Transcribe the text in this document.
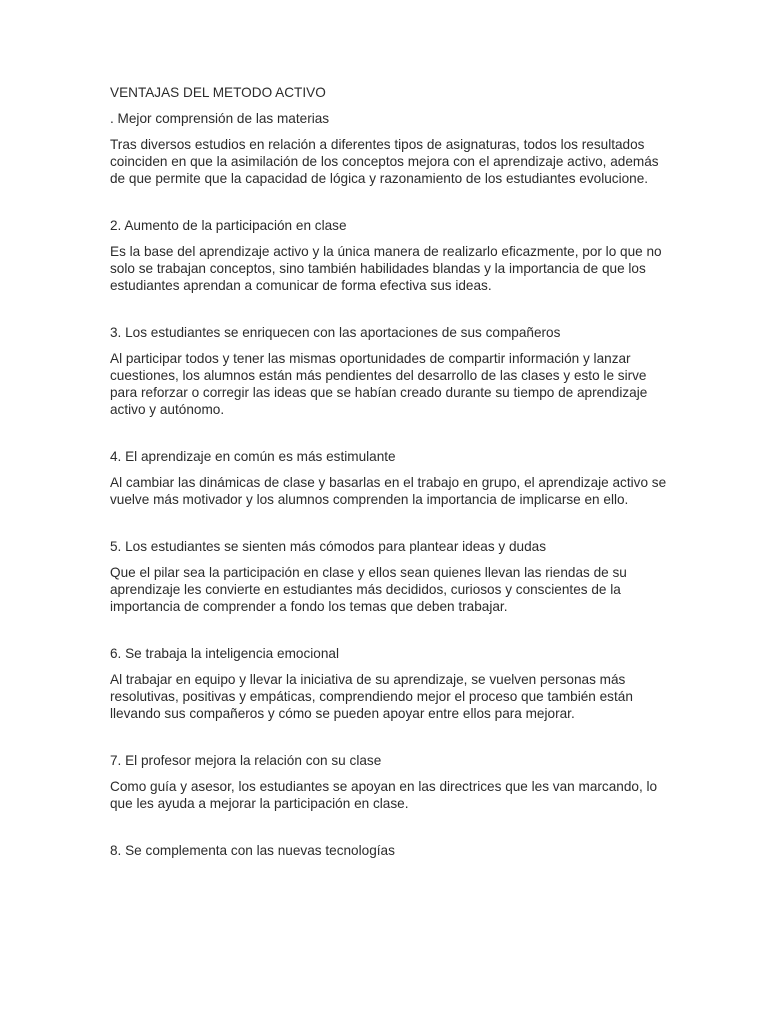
VENTAJAS DEL METODO ACTIVO

. Mejor comprensión de las materias

Tras diversos estudios en relación a diferentes tipos de asignaturas, todos los resultados coinciden en que la asimilación de los conceptos mejora con el aprendizaje activo, además de que permite que la capacidad de lógica y razonamiento de los estudiantes evolucione.

2. Aumento de la participación en clase

Es la base del aprendizaje activo y la única manera de realizarlo eficazmente, por lo que no solo se trabajan conceptos, sino también habilidades blandas y la importancia de que los estudiantes aprendan a comunicar de forma efectiva sus ideas.

3. Los estudiantes se enriquecen con las aportaciones de sus compañeros

Al participar todos y tener las mismas oportunidades de compartir información y lanzar cuestiones, los alumnos están más pendientes del desarrollo de las clases y esto le sirve para reforzar o corregir las ideas que se habían creado durante su tiempo de aprendizaje activo y autónomo.

4. El aprendizaje en común es más estimulante

Al cambiar las dinámicas de clase y basarlas en el trabajo en grupo, el aprendizaje activo se vuelve más motivador y los alumnos comprenden la importancia de implicarse en ello.

5. Los estudiantes se sienten más cómodos para plantear ideas y dudas

Que el pilar sea la participación en clase y ellos sean quienes llevan las riendas de su aprendizaje les convierte en estudiantes más decididos, curiosos y conscientes de la importancia de comprender a fondo los temas que deben trabajar.

6. Se trabaja la inteligencia emocional

Al trabajar en equipo y llevar la iniciativa de su aprendizaje, se vuelven personas más resolutivas, positivas y empáticas, comprendiendo mejor el proceso que también están llevando sus compañeros y cómo se pueden apoyar entre ellos para mejorar.

7. El profesor mejora la relación con su clase

Como guía y asesor, los estudiantes se apoyan en las directrices que les van marcando, lo que les ayuda a mejorar la participación en clase.

8. Se complementa con las nuevas tecnologías
